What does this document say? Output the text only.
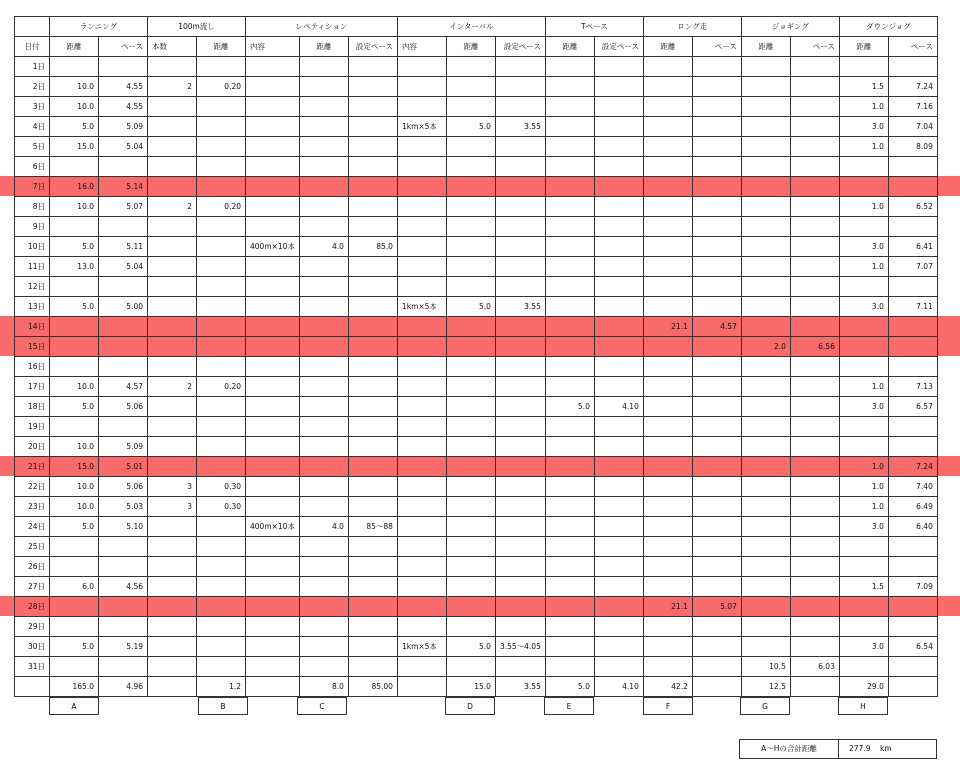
	ランニング		100m流し		レペティション			インターバル			Tペース		ロング走		ジョギング		ダウンジョグ	
日付	距離	ペース	本数	距離	内容	距離	設定ペース	内容	距離	設定ペース	距離	設定ペース	距離	ペース	距離	ペース	距離	ペース
1日																		
2日	10.0	4.55	2	0.20													1.5	7.24
3日	10.0	4.55															1.0	7.16
4日	5.0	5.09						1km×5本	5.0	3.55							3.0	7.04
5日	15.0	5.04															1.0	8.09
6日																		
7日	16.0	5.14																
8日	10.0	5.07	2	0.20													1.0	6.52
9日																		
10日	5.0	5.11			400m×10本	4.0	85.0										3.0	6.41
11日	13.0	5.04															1.0	7.07
12日																		
13日	5.0	5.00						1km×5本	5.0	3.55							3.0	7.11
14日													21.1	4.57				
15日															2.0	6.56		
16日																		
17日	10.0	4.57	2	0.20													1.0	7.13
18日	5.0	5.06									5.0	4.10					3.0	6.57
19日																		
20日	10.0	5.09																
21日	15.0	5.01															1.0	7.24
22日	10.0	5.06	3	0.30													1.0	7.40
23日	10.0	5.03	3	0.30													1.0	6.49
24日	5.0	5.10			400m×10本	4.0	85〜88										3.0	6.40
25日																		
26日																		
27日	6.0	4.56															1.5	7.09
28日													21.1	5.07				
29日																		
30日	5.0	5.19						1km×5本	5.0	3.55〜4.05							3.0	6.54
31日															10.5	6.03		
	165.0	4.96		1.2		8.0	85.00		15.0	3.55	5.0	4.10	42.2		12.5		29.0	
A	B	C	D	E	F	G	H
A〜Hの合計距離	277.9 km
